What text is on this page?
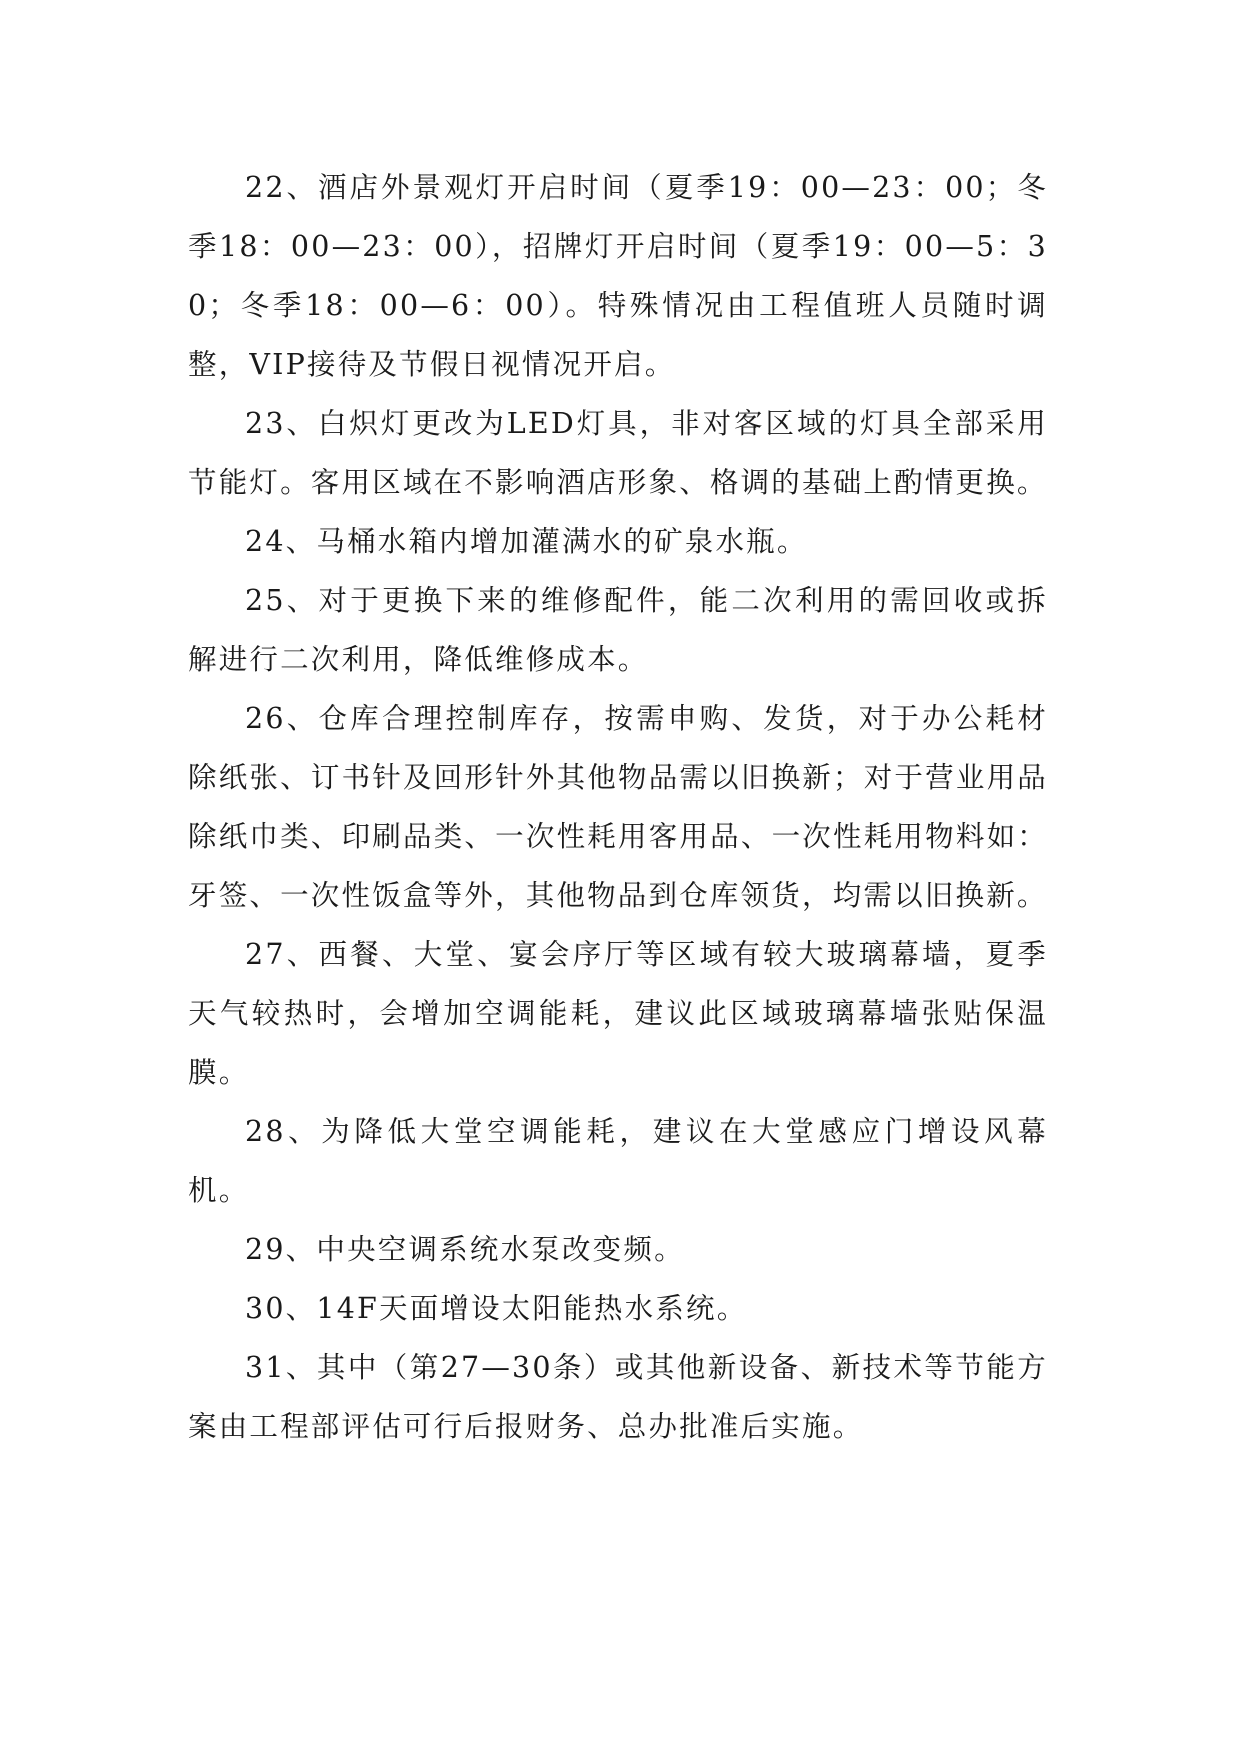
22、酒店外景观灯开启时间（夏季19：00—23：00；冬季18：00—23：00），招牌灯开启时间（夏季19：00—5：30；冬季18：00—6：00）。特殊情况由工程值班人员随时调整，VIP接待及节假日视情况开启。

23、白炽灯更改为LED灯具，非对客区域的灯具全部采用节能灯。客用区域在不影响酒店形象、格调的基础上酌情更换。

24、马桶水箱内增加灌满水的矿泉水瓶。

25、对于更换下来的维修配件，能二次利用的需回收或拆解进行二次利用，降低维修成本。

26、仓库合理控制库存，按需申购、发货，对于办公耗材除纸张、订书针及回形针外其他物品需以旧换新；对于营业用品除纸巾类、印刷品类、一次性耗用客用品、一次性耗用物料如：牙签、一次性饭盒等外，其他物品到仓库领货，均需以旧换新。

27、西餐、大堂、宴会序厅等区域有较大玻璃幕墙，夏季天气较热时，会增加空调能耗，建议此区域玻璃幕墙张贴保温膜。

28、为降低大堂空调能耗，建议在大堂感应门增设风幕机。

29、中央空调系统水泵改变频。

30、14F天面增设太阳能热水系统。

31、其中（第27—30条）或其他新设备、新技术等节能方案由工程部评估可行后报财务、总办批准后实施。
